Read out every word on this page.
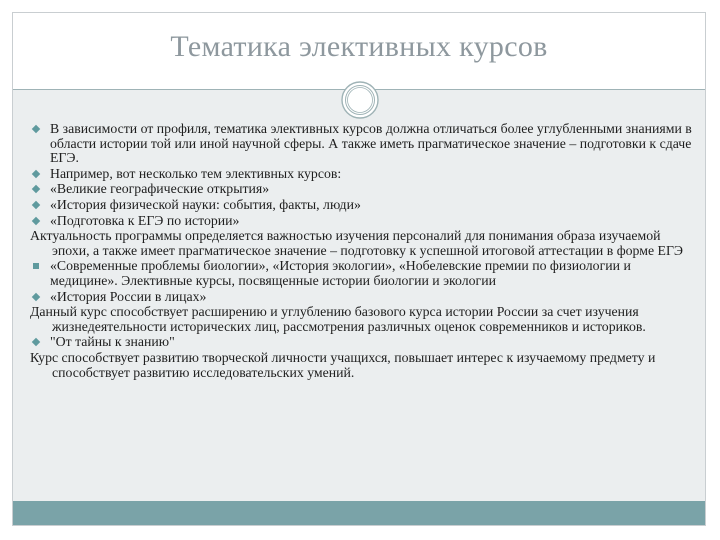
Тематика элективных курсов
В зависимости от профиля, тематика элективных курсов должна отличаться более углубленными знаниями в области истории той или иной научной сферы. А также иметь прагматическое значение – подготовки к сдаче ЕГЭ.
Например, вот несколько тем элективных курсов:
«Великие географические открытия»
«История физической науки: события, факты, люди»
«Подготовка к ЕГЭ по истории»
Актуальность программы определяется важностью изучения персоналий для понимания образа изучаемой эпохи, а также имеет прагматическое значение – подготовку к успешной итоговой аттестации в форме ЕГЭ
«Современные проблемы биологии», «История экологии», «Нобелевские премии по физиологии и медицине». Элективные курсы, посвященные истории биологии и экологии
«История России в лицах»
Данный курс способствует расширению и углублению базового курса истории России за счет изучения жизнедеятельности исторических лиц, рассмотрения различных оценок современников и историков.
"От тайны к знанию"
Курс способствует развитию творческой личности учащихся, повышает интерес к изучаемому предмету и способствует развитию исследовательских умений.
